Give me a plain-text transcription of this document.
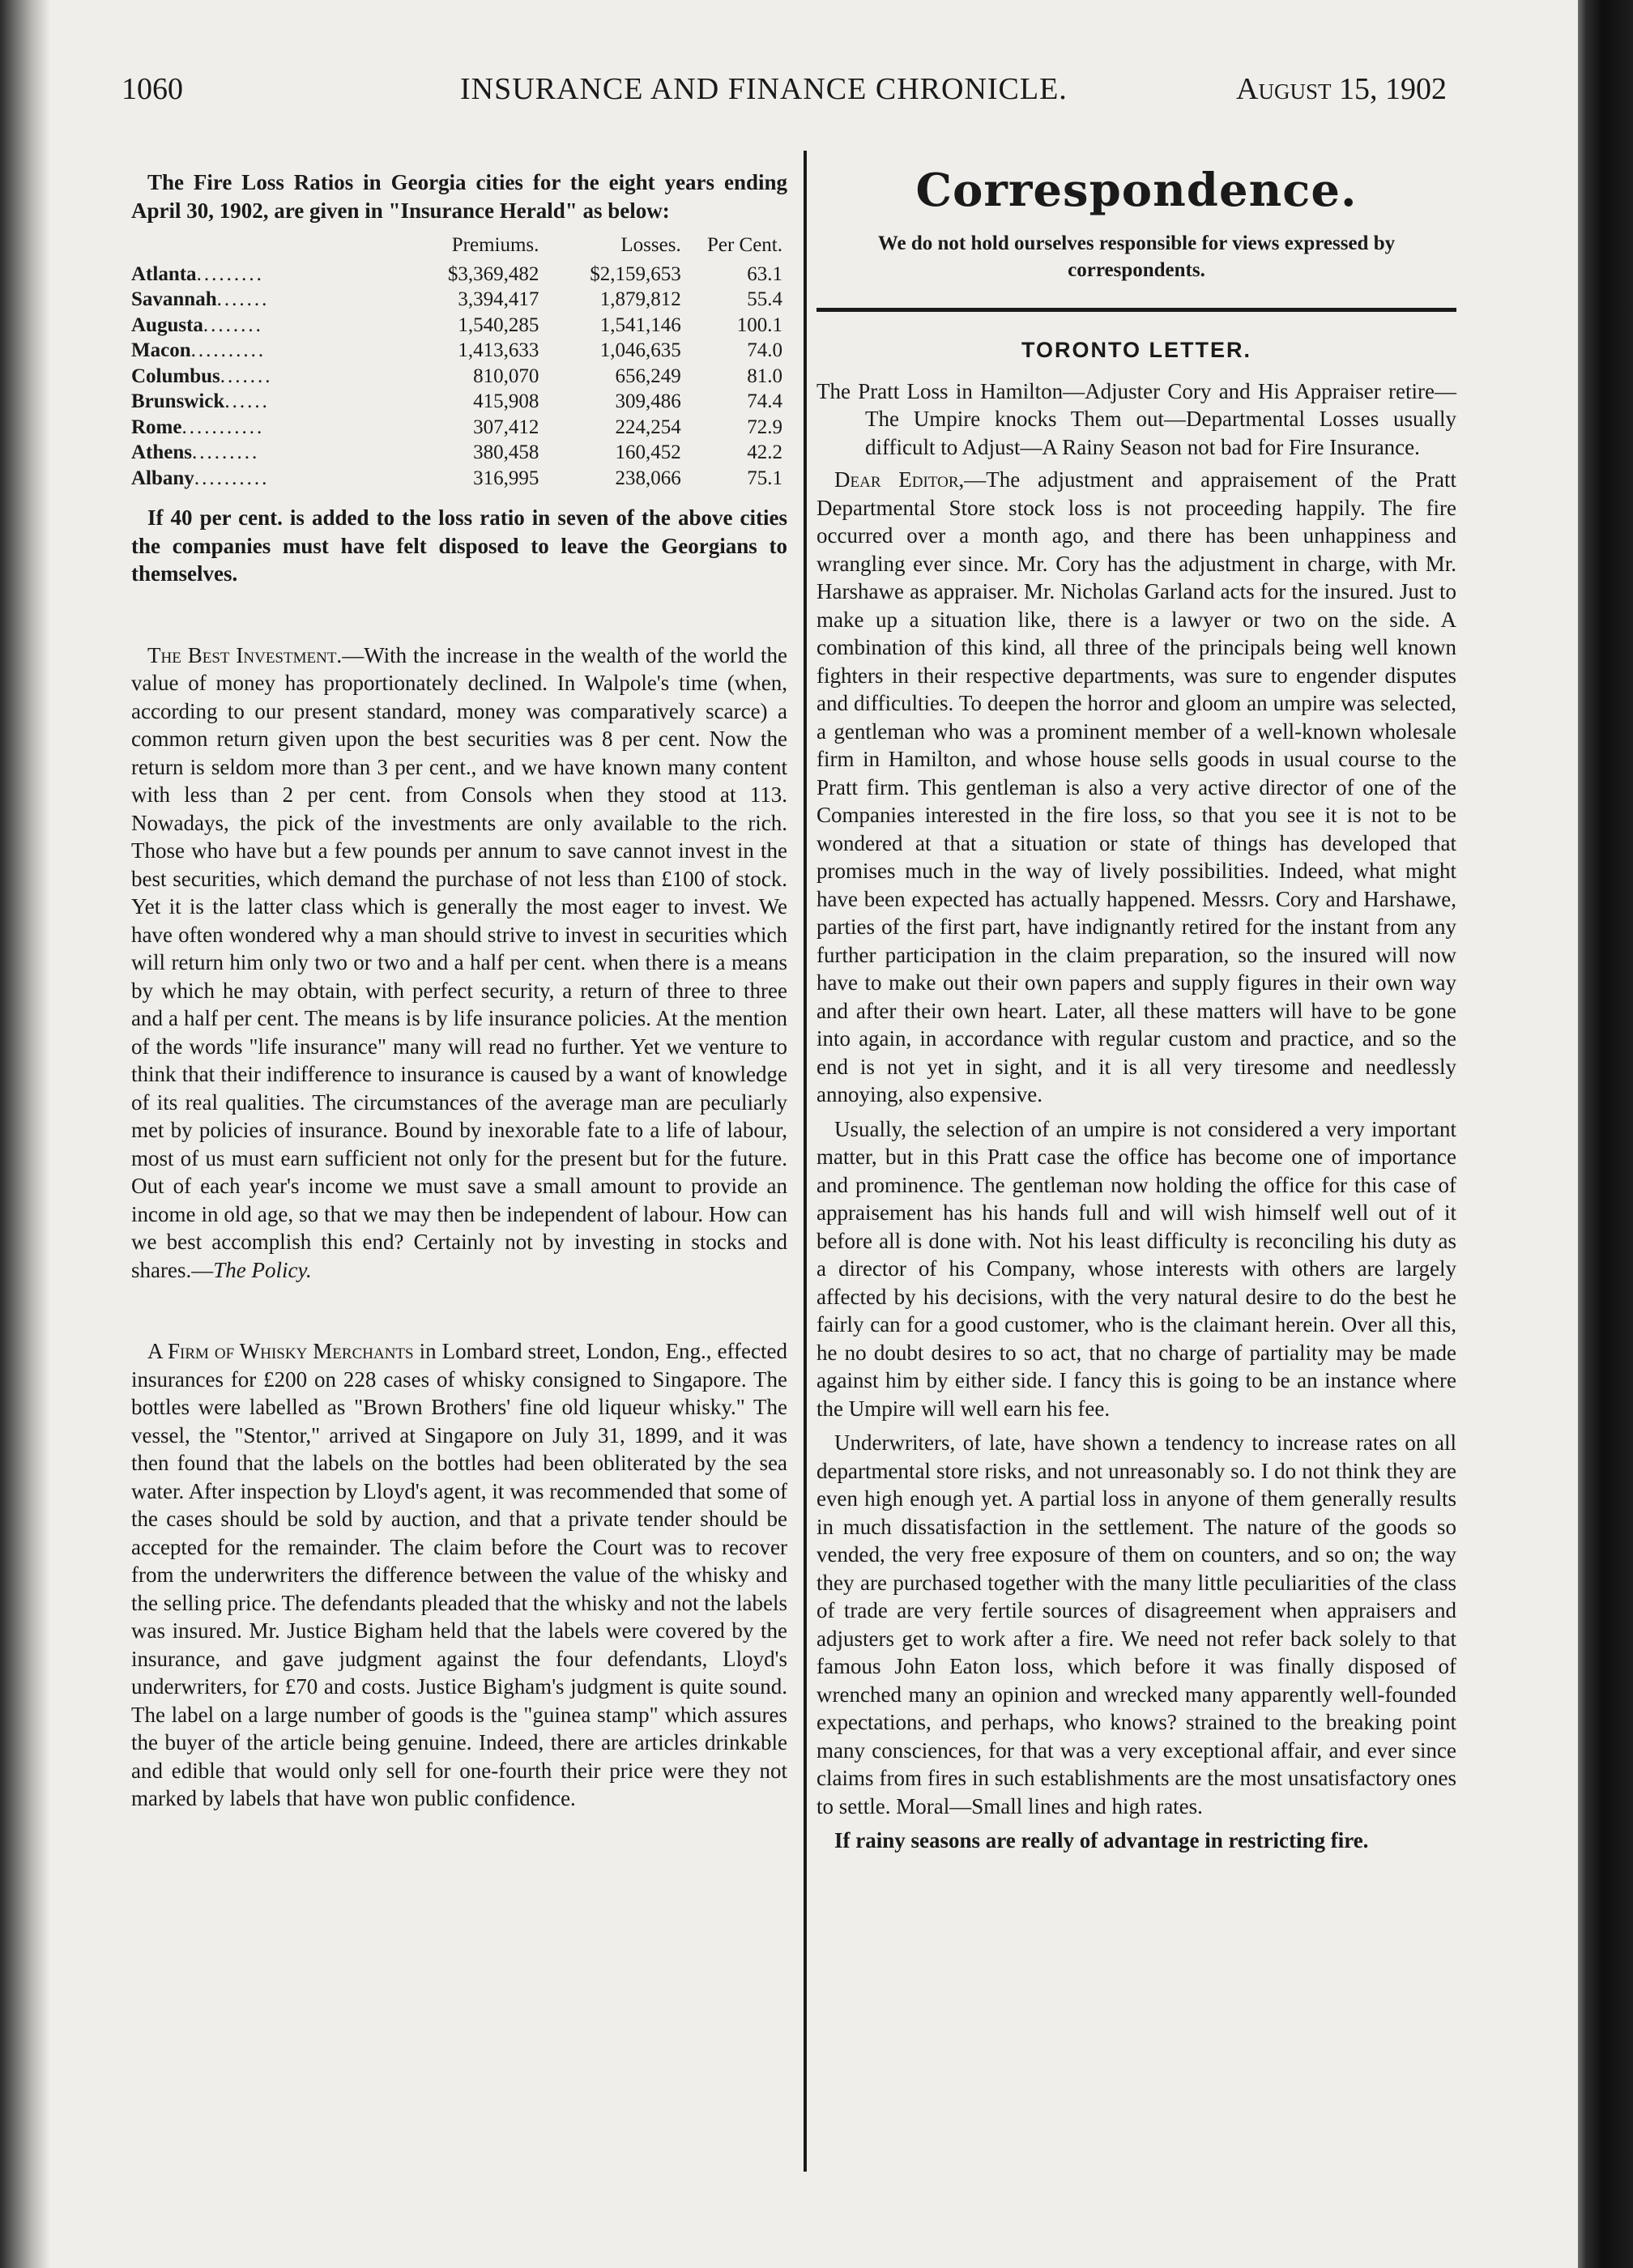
1060	INSURANCE AND FINANCE CHRONICLE.	August 15, 1902

The Fire Loss Ratios in Georgia cities for the eight years ending April 30, 1902, are given in "Insurance Herald" as below:

	Premiums.	Losses.	Per Cent.
Atlanta.........	$3,369,482	$2,159,653	63.1
Savannah.......	3,394,417	1,879,812	55.4
Augusta........	1,540,285	1,541,146	100.1
Macon..........	1,413,633	1,046,635	74.0
Columbus.......	810,070	656,249	81.0
Brunswick......	415,908	309,486	74.4
Rome...........	307,412	224,254	72.9
Athens.........	380,458	160,452	42.2
Albany..........	316,995	238,066	75.1

If 40 per cent. is added to the loss ratio in seven of the above cities the companies must have felt disposed to leave the Georgians to themselves.

The Best Investment.—With the increase in the wealth of the world the value of money has proportionately declined. In Walpole's time (when, according to our present standard, money was comparatively scarce) a common return given upon the best securities was 8 per cent. Now the return is seldom more than 3 per cent., and we have known many content with less than 2 per cent. from Consols when they stood at 113. Nowadays, the pick of the investments are only available to the rich. Those who have but a few pounds per annum to save cannot invest in the best securities, which demand the purchase of not less than £100 of stock. Yet it is the latter class which is generally the most eager to invest. We have often wondered why a man should strive to invest in securities which will return him only two or two and a half per cent. when there is a means by which he may obtain, with perfect security, a return of three to three and a half per cent. The means is by life insurance policies. At the mention of the words "life insurance" many will read no further. Yet we venture to think that their indifference to insurance is caused by a want of knowledge of its real qualities. The circumstances of the average man are peculiarly met by policies of insurance. Bound by inexorable fate to a life of labour, most of us must earn sufficient not only for the present but for the future. Out of each year's income we must save a small amount to provide an income in old age, so that we may then be independent of labour. How can we best accomplish this end? Certainly not by investing in stocks and shares.—The Policy.

A Firm of Whisky Merchants in Lombard street, London, Eng., effected insurances for £200 on 228 cases of whisky consigned to Singapore. The bottles were labelled as "Brown Brothers' fine old liqueur whisky." The vessel, the "Stentor," arrived at Singapore on July 31, 1899, and it was then found that the labels on the bottles had been obliterated by the sea water. After inspection by Lloyd's agent, it was recommended that some of the cases should be sold by auction, and that a private tender should be accepted for the remainder. The claim before the Court was to recover from the underwriters the difference between the value of the whisky and the selling price. The defendants pleaded that the whisky and not the labels was insured. Mr. Justice Bigham held that the labels were covered by the insurance, and gave judgment against the four defendants, Lloyd's underwriters, for £70 and costs. Justice Bigham's judgment is quite sound. The label on a large number of goods is the "guinea stamp" which assures the buyer of the article being genuine. Indeed, there are articles drinkable and edible that would only sell for one-fourth their price were they not marked by labels that have won public confidence.

Correspondence.

We do not hold ourselves responsible for views expressed by correspondents.

TORONTO LETTER.

The Pratt Loss in Hamilton—Adjuster Cory and His Appraiser retire—The Umpire knocks Them out—Departmental Losses usually difficult to Adjust—A Rainy Season not bad for Fire Insurance.

Dear Editor,—The adjustment and appraisement of the Pratt Departmental Store stock loss is not proceeding happily. The fire occurred over a month ago, and there has been unhappiness and wrangling ever since. Mr. Cory has the adjustment in charge, with Mr. Harshawe as appraiser. Mr. Nicholas Garland acts for the insured. Just to make up a situation like, there is a lawyer or two on the side. A combination of this kind, all three of the principals being well known fighters in their respective departments, was sure to engender disputes and difficulties. To deepen the horror and gloom an umpire was selected, a gentleman who was a prominent member of a well-known wholesale firm in Hamilton, and whose house sells goods in usual course to the Pratt firm. This gentleman is also a very active director of one of the Companies interested in the fire loss, so that you see it is not to be wondered at that a situation or state of things has developed that promises much in the way of lively possibilities. Indeed, what might have been expected has actually happened. Messrs. Cory and Harshawe, parties of the first part, have indignantly retired for the instant from any further participation in the claim preparation, so the insured will now have to make out their own papers and supply figures in their own way and after their own heart. Later, all these matters will have to be gone into again, in accordance with regular custom and practice, and so the end is not yet in sight, and it is all very tiresome and needlessly annoying, also expensive.

Usually, the selection of an umpire is not considered a very important matter, but in this Pratt case the office has become one of importance and prominence. The gentleman now holding the office for this case of appraisement has his hands full and will wish himself well out of it before all is done with. Not his least difficulty is reconciling his duty as a director of his Company, whose interests with others are largely affected by his decisions, with the very natural desire to do the best he fairly can for a good customer, who is the claimant herein. Over all this, he no doubt desires to so act, that no charge of partiality may be made against him by either side. I fancy this is going to be an instance where the Umpire will well earn his fee.

Underwriters, of late, have shown a tendency to increase rates on all departmental store risks, and not unreasonably so. I do not think they are even high enough yet. A partial loss in anyone of them generally results in much dissatisfaction in the settlement. The nature of the goods so vended, the very free exposure of them on counters, and so on; the way they are purchased together with the many little peculiarities of the class of trade are very fertile sources of disagreement when appraisers and adjusters get to work after a fire. We need not refer back solely to that famous John Eaton loss, which before it was finally disposed of wrenched many an opinion and wrecked many apparently well-founded expectations, and perhaps, who knows? strained to the breaking point many consciences, for that was a very exceptional affair, and ever since claims from fires in such establishments are the most unsatisfactory ones to settle. Moral—Small lines and high rates.

If rainy seasons are really of advantage in restricting fire.
